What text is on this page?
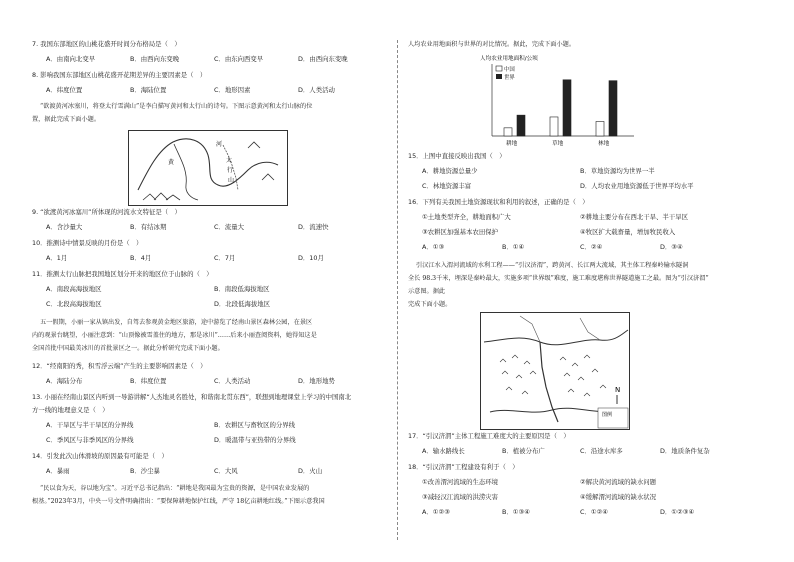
7. 我国东部地区的山桃花盛开时间分布格局是（　）
A．由南向北变早	B．由西向东变晚	C．由东向西变早	D．由西向东变晚
8. 影响我国东部地区山桃花盛开花期差异的主要因素是（　）
A．纬度位置	B．海陆位置	C．地形因素	D．人类活动
“欲渡黄河冰塞川，将登太行雪满山”是李白描写黄河和太行山的诗句。下图示意黄河和太行山脉的位
置，据此完成下面小题。
黄
河
太
行
山
9. “欲渡黄河冰塞川”所体现的河流水文特征是（　）
A．含沙量大	B．有结冰期	C．流量大	D．流速快
10．推测诗中情景反映的月份是（　）
A．1月	B．4月	C．7月	D．10月
11．推测太行山脉把我国地区划分开来的地区位于山脉的（　）
A．南段高海拔地区	B．南段低海拔地区
C．北段高海拔地区	D．北段低海拔地区
五一假期，小丽一家从镇出发，自驾去参观黄金地区旅游，途中游览了经南山景区森林公园，在景区
内的观景台眺望，小丽注意到：“山顶像被雪盖住的地方，那是冰川”……后来小丽查阅资料，她得知这是
全国首批中国最美冰川的首批景区之一。据此分析研究完成下面小题。
12．“经南阳的秀，积雪浮云端”产生的主要影响因素是（　）
A．海陆分布	B．纬度位置	C．人类活动	D．地形地势
13. 小丽在经南山景区内听到一导游讲解“人杰地灵名胜处，和谐南北贯东西”，联想到地理课堂上学习的中国南北
方一线的地理意义是（　）
A．干旱区与半干旱区的分界线	B．农耕区与畜牧区的分界线
C．季风区与非季风区的分界线	D．暖温带与亚热带的分界线
14．引发此次山体滑坡的原因最有可能是（　）
A．暴雨	B．沙尘暴	C．大风	D．火山
“民以食为天，谷以地为宝”。习近平总书记指出：“耕地是我国最为宝贵的资源，是中国农业发展的
根基。”2023年3月，中央一号文件明确指出：“要保障耕地保护红线，严守 18亿亩耕地红线。”下图示意我国
人均农业用地面积与世界的对比情况。据此，完成下面小题。
人均农业用地面积/公顷
耕地	草地	林地
中国
世界
15．上图中直接反映出我国（　）
A．耕地资源总量少	B．草地资源均为世界一半
C．林地资源丰富	D．人均农业用地资源低于世界平均水平
16．下列有关我国土地资源现状和利用的叙述，正确的是（　）
①土地类型齐全，耕地面积广大	②耕地主要分布在西北干旱、半干旱区
③农耕区加强基本农田保护	④牧区扩大载畜量，增加牧民收入
A．①③	B．①④	C．②④	D．③④
引汉江水入渭河流域的水利工程——“引汉济渭”，跨黄河、长江两大流域，其主体工程秦岭输水隧洞
全长 98.3千米，埋深是秦岭最大，实施多项“世界级”难度，施工难度堪称世界隧道施工之最。图为“引汉济渭”
示意图。据此
完成下面小题。
N
图例
17．“引汉济渭”主体工程施工难度大的主要原因是（　）
A．输水路线长	B．植被分布广	C．沿途水库多	D．地质条件复杂
18．“引汉济渭”工程建设有利于（　）
①改善渭河流域的生态环境	②解决黄河流域的缺水问题
③减轻汉江流域的洪涝灾害	④缓解渭河流域的缺水状况
A．①②③	B．①③④	C．①②④	D．①②③④
